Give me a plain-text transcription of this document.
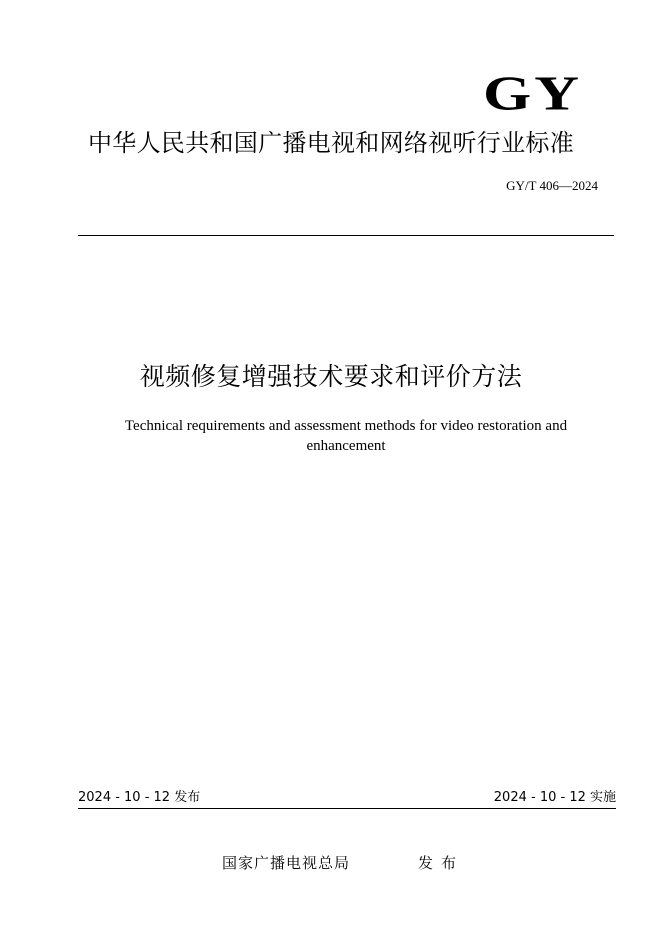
GY
中华人民共和国广播电视和网络视听行业标准
GY/T 406—2024
视频修复增强技术要求和评价方法
Technical requirements and assessment methods for video restoration and enhancement
2024 - 10 - 12 发布	2024 - 10 - 12 实施
国家广播电视总局	发布
